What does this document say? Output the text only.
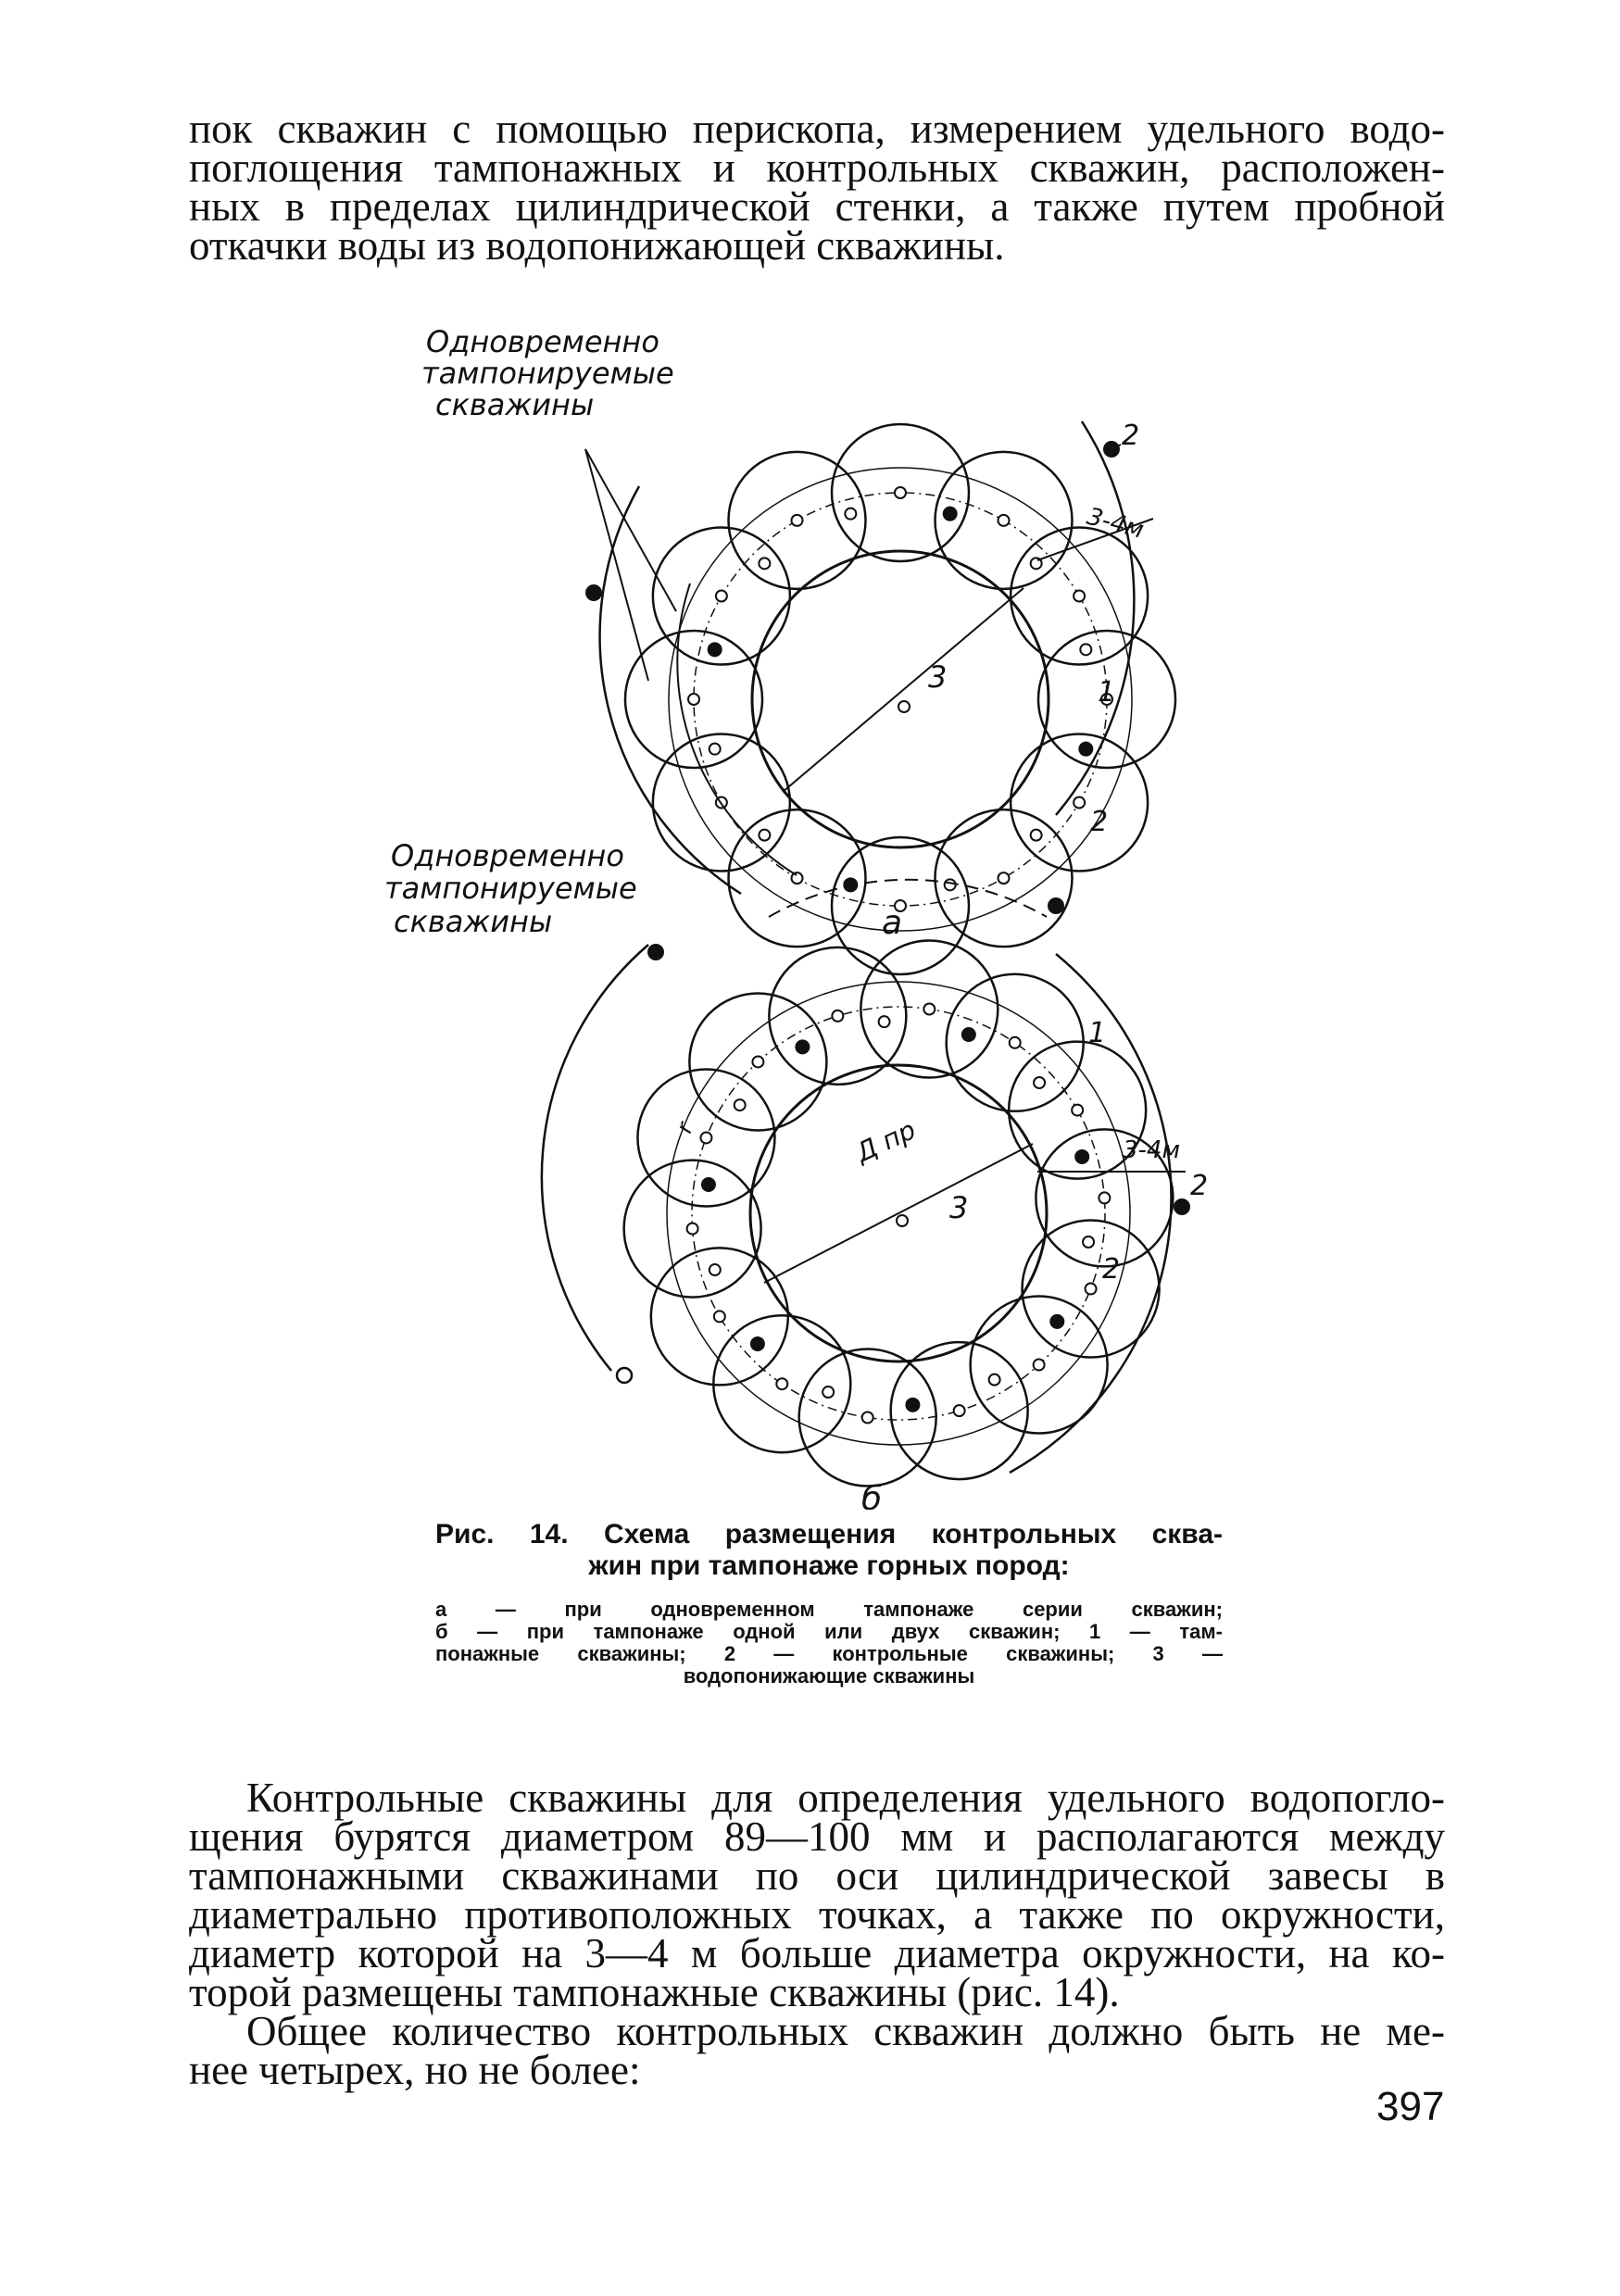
пок скважин с помощью перископа, измерением удельного водо-
поглощения тампонажных и контрольных скважин, расположен-
ных в пределах цилиндрической стенки, а также путем пробной
откачки воды из водопонижающей скважины.
Одновременно
тампонируемые
скважины
Одновременно
тампонируемые
скважины
2
3-4м
1
2
3
а
1
3-4м
2
2
3
Д пр
r
б
Рис. 14. Схема размещения контрольных сква-
жин при тампонаже горных пород:
а — при одновременном тампонаже серии скважин;
б — при тампонаже одной или двух скважин; 1 — там-
понажные скважины; 2 — контрольные скважины; 3 —
водопонижающие скважины
Контрольные скважины для определения удельного водопогло-
щения бурятся диаметром 89—100 мм и располагаются между
тампонажными скважинами по оси цилиндрической завесы в
диаметрально противоположных точках, а также по окружности,
диаметр которой на 3—4 м больше диаметра окружности, на ко-
торой размещены тампонажные скважины (рис. 14).
Общее количество контрольных скважин должно быть не ме-
нее четырех, но не более:
397
